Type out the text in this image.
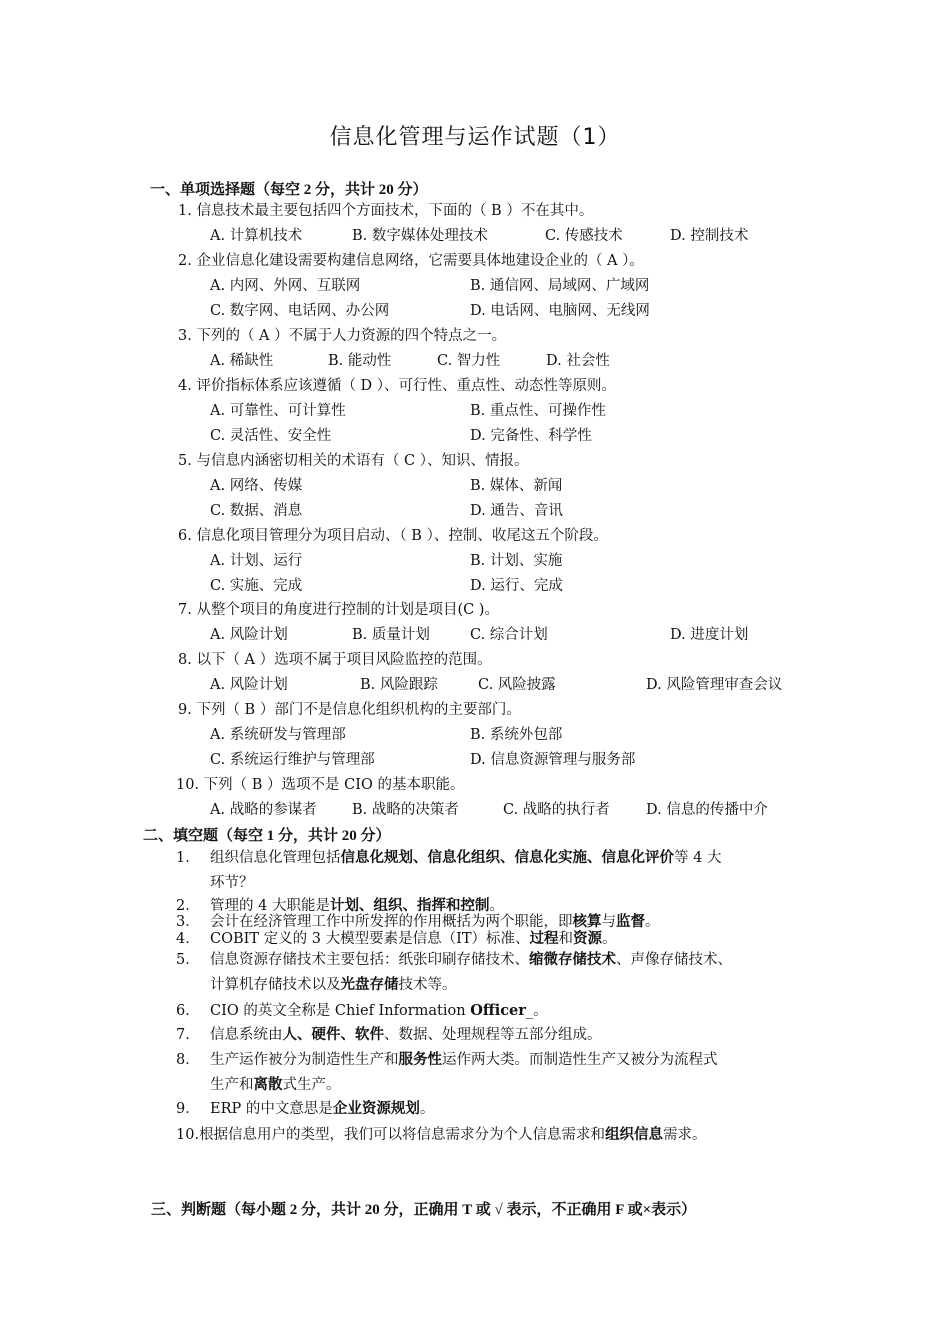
信息化管理与运作试题（1）
一、单项选择题（每空 2 分，共计 20 分）
1. 信息技术最主要包括四个方面技术，下面的（ B ）不在其中。
A. 计算机技术	B. 数字媒体处理技术	C. 传感技术	D. 控制技术
2. 企业信息化建设需要构建信息网络，它需要具体地建设企业的（ A ）。
A. 内网、外网、互联网	B. 通信网、局域网、广域网
C. 数字网、电话网、办公网	D. 电话网、电脑网、无线网
3. 下列的（ A ）不属于人力资源的四个特点之一。
A. 稀缺性	B. 能动性	C. 智力性	D. 社会性
4. 评价指标体系应该遵循（ D ）、可行性、重点性、动态性等原则。
A. 可靠性、可计算性	B. 重点性、可操作性
C. 灵活性、安全性	D. 完备性、科学性
5. 与信息内涵密切相关的术语有（ C ）、知识、情报。
A. 网络、传媒	B. 媒体、新闻
C. 数据、消息	D. 通告、音讯
6. 信息化项目管理分为项目启动、（ B ）、控制、收尾这五个阶段。
A. 计划、运行	B. 计划、实施
C. 实施、完成	D. 运行、完成
7. 从整个项目的角度进行控制的计划是项目(C )。
A. 风险计划	B. 质量计划	C. 综合计划	D. 进度计划
8. 以下（ A ）选项不属于项目风险监控的范围。
A. 风险计划	B. 风险跟踪	C. 风险披露	D. 风险管理审查会议
9. 下列（ B ）部门不是信息化组织机构的主要部门。
A. 系统研发与管理部	B. 系统外包部
C. 系统运行维护与管理部	D. 信息资源管理与服务部
10. 下列（ B ）选项不是 CIO 的基本职能。
A. 战略的参谋者 B. 战略的决策者	C. 战略的执行者 D. 信息的传播中介
二、填空题（每空 1 分，共计 20 分）
1． 组织信息化管理包括信息化规划、信息化组织、信息化实施、信息化评价等 4 大
环节？
2． 管理的 4 大职能是计划、组织、指挥和控制。
3． 会计在经济管理工作中所发挥的作用概括为两个职能，即核算与监督。
4． COBIT 定义的 3 大模型要素是信息（IT）标准、过程和资源。
5． 信息资源存储技术主要包括：纸张印刷存储技术、缩微存储技术、声像存储技术、
计算机存储技术以及光盘存储技术等。
6． CIO 的英文全称是 Chief Information Officer_。
7． 信息系统由人、硬件、软件、数据、处理规程等五部分组成。
8． 生产运作被分为制造性生产和服务性运作两大类。而制造性生产又被分为流程式
生产和离散式生产。
9． ERP 的中文意思是企业资源规划。
10.根据信息用户的类型，我们可以将信息需求分为个人信息需求和组织信息需求。
三、判断题（每小题 2 分，共计 20 分，正确用 T 或 √ 表示，不正确用 F 或×表示）
